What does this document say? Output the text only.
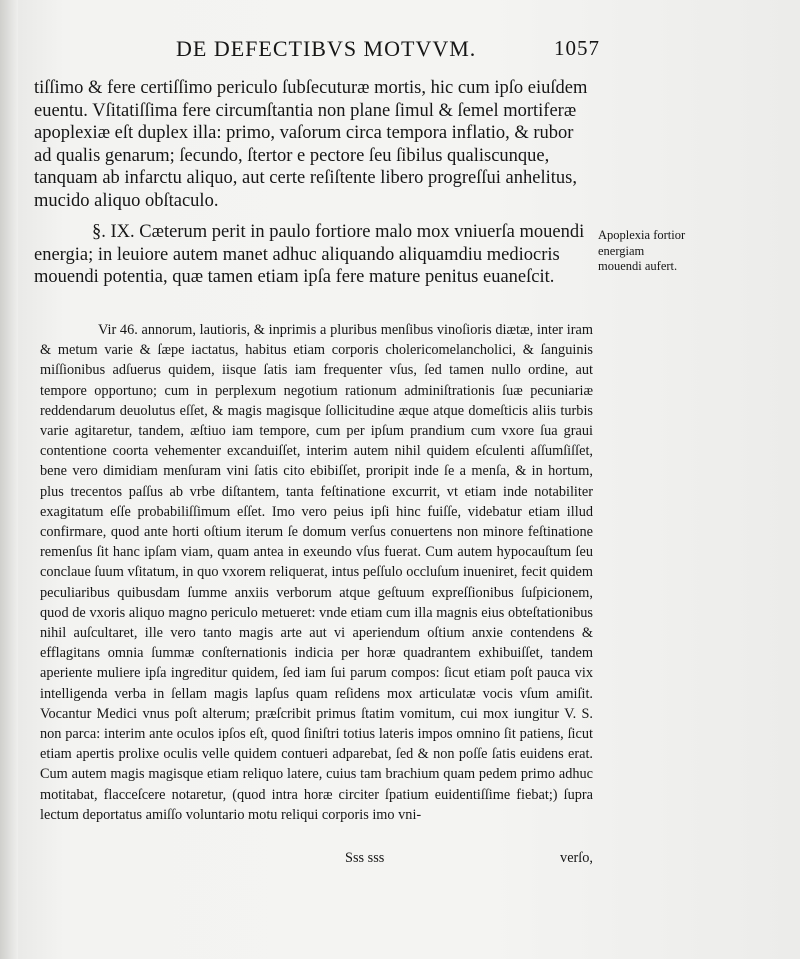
DE DEFECTIBVS MOTVVM.	1057

tiſſimo & fere certiſſimo periculo ſubſecuturæ mortis, hic cum ipſo eiuſdem euentu. Vſitatiſſima fere circumſtantia non plane ſimul & ſemel mortiferæ apoplexiæ eſt duplex illa: primo, vaſorum circa tempora inflatio, & rubor ad qualis genarum; ſecundo, ſtertor e pectore ſeu ſibilus qualiscunque, tanquam ab infarctu aliquo, aut certe reſiſtente libero progreſſui anhelitus, mucido aliquo obſtaculo.

§. IX. Cæterum perit in paulo fortiore malo mox vniuerſa mouendi energia; in leuiore autem manet adhuc aliquando aliquamdiu mediocris mouendi potentia, quæ tamen etiam ipſa fere mature penitus euaneſcit.

Apoplexia fortior energiam mouendi aufert.

Vir 46. annorum, lautioris, & inprimis a pluribus menſibus vinoſioris diætæ, inter iram & metum varie & ſæpe iactatus, habitus etiam corporis cholericomelancholici, & ſanguinis miſſionibus adſuerus quidem, iisque ſatis iam frequenter vſus, ſed tamen nullo ordine, aut tempore opportuno; cum in perplexum negotium rationum adminiſtrationis ſuæ pecuniariæ reddendarum deuolutus eſſet, & magis magisque ſollicitudine æque atque domeſticis aliis turbis varie agitaretur, tandem, æſtiuo iam tempore, cum per ipſum prandium cum vxore ſua graui contentione coorta vehementer excanduiſſet, interim autem nihil quidem eſculenti aſſumſiſſet, bene vero dimidiam menſuram vini ſatis cito ebibiſſet, proripit inde ſe a menſa, & in hortum, plus trecentos paſſus ab vrbe diſtantem, tanta feſtinatione excurrit, vt etiam inde notabiliter exagitatum eſſe probabiliſſimum eſſet. Imo vero peius ipſi hinc fuiſſe, videbatur etiam illud confirmare, quod ante horti oſtium iterum ſe domum verſus conuertens non minore feſtinatione remenſus ſit hanc ipſam viam, quam antea in exeundo vſus fuerat. Cum autem hypocauſtum ſeu conclaue ſuum vſitatum, in quo vxorem reliquerat, intus peſſulo occluſum inueniret, fecit quidem peculiaribus quibusdam ſumme anxiis verborum atque geſtuum expreſſionibus ſuſpicionem, quod de vxoris aliquo magno periculo metueret: vnde etiam cum illa magnis eius obteſtationibus nihil auſcultaret, ille vero tanto magis arte aut vi aperiendum oſtium anxie contendens & efflagitans omnia ſummæ conſternationis indicia per horæ quadrantem exhibuiſſet, tandem aperiente muliere ipſa ingreditur quidem, ſed iam ſui parum compos: ſicut etiam poſt pauca vix intelligenda verba in ſellam magis lapſus quam reſidens mox articulatæ vocis vſum amiſit. Vocantur Medici vnus poſt alterum; præſcribit primus ſtatim vomitum, cui mox iungitur V. S. non parca: interim ante oculos ipſos eſt, quod ſiniſtri totius lateris impos omnino ſit patiens, ſicut etiam apertis prolixe oculis velle quidem contueri adparebat, ſed & non poſſe ſatis euidens erat. Cum autem magis magisque etiam reliquo latere, cuius tam brachium quam pedem primo adhuc motitabat, flacceſcere notaretur, (quod intra horæ circiter ſpatium euidentiſſime fiebat;) ſupra lectum deportatus amiſſo voluntario motu reliqui corporis imo vni-

Sss sss	verſo,
